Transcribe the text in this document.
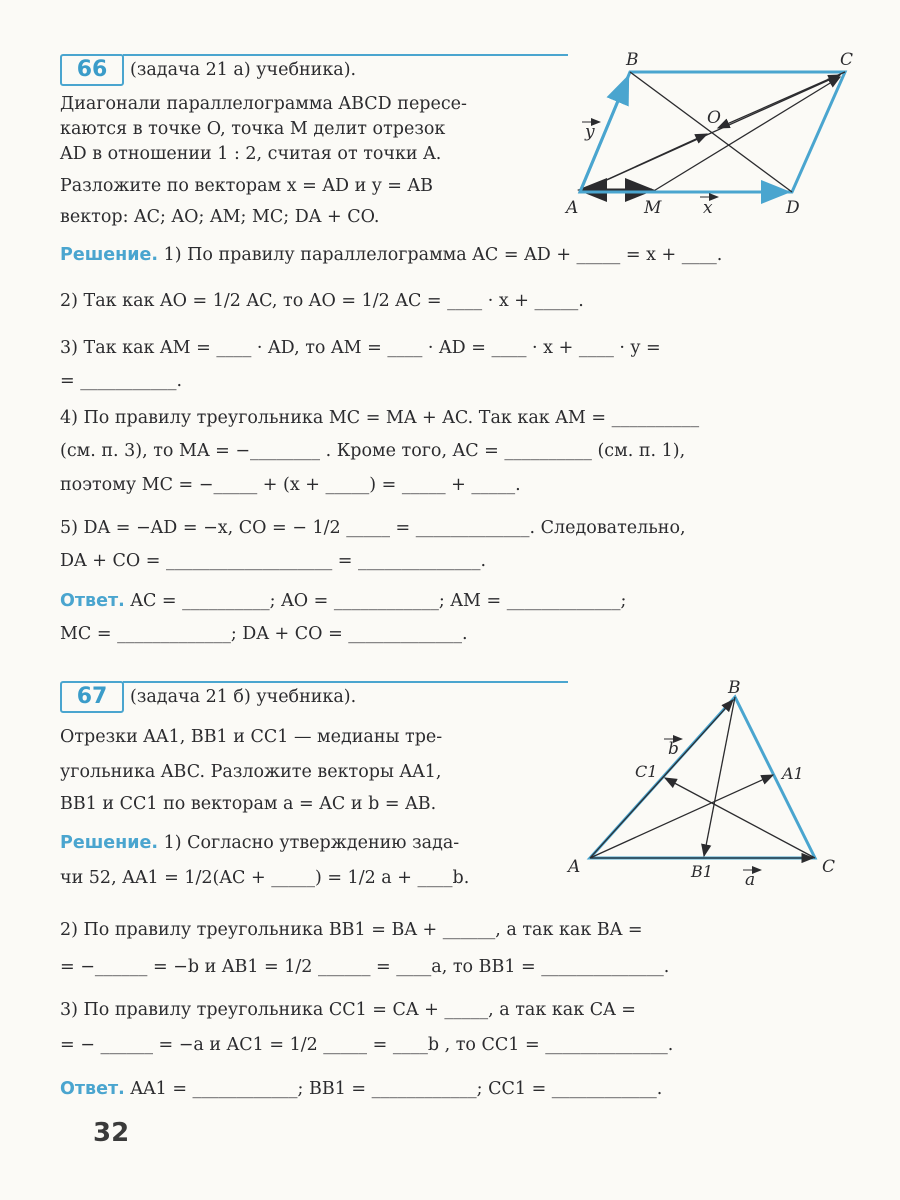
66	(задача 21 а) учебника).
Диагонали параллелограмма ABCD пересе-
каются в точке O, точка M делит отрезок
AD в отношении 1 : 2, считая от точки A.
Разложите по векторам x = AD и y = AB
вектор: AC; AO; AM; MC; DA + CO.	A
B	C
D
M
O
x
y
Решение. 1) По правилу параллелограмма AC = AD + _____ = x + ____.
2) Так как AO = 1/2 AC, то AO = 1/2 AC = ____ · x + _____.
3) Так как AM = ____ · AD, то AM = ____ · AD = ____ · x + ____ · y =
= ___________.
4) По правилу треугольника MC = MA + AC. Так как AM = __________
(см. п. 3), то MA = −________ . Кроме того, AC = __________ (см. п. 1),
поэтому MC = −_____ + (x + _____) = _____ + _____.
5) DA = −AD = −x, CO = − 1/2 _____ = _____________. Следовательно,
DA + CO = ___________________ = ______________.
Ответ. AC = __________; AO = ____________; AM = _____________;
MC = _____________; DA + CO = _____________.
67	(задача 21 б) учебника).
Отрезки AA1, BB1 и CC1 — медианы тре-
угольника ABC. Разложите векторы AA1,
BB1 и CC1 по векторам a = AC и b = AB.
Решение. 1) Согласно утверждению зада-
чи 52, AA1 = 1/2(AC + _____) = 1/2 a + ____b.
A
B
C
A1
B1
C1
a
b
2) По правилу треугольника BB1 = BA + ______, а так как BA =
= −______ = −b и AB1 = 1/2 ______ = ____a, то BB1 = ______________.
3) По правилу треугольника CC1 = CA + _____, а так как CA =
= − ______ = −a и AC1 = 1/2 _____ = ____b , то CC1 = ______________.
Ответ. AA1 = ____________; BB1 = ____________; CC1 = ____________.
32
